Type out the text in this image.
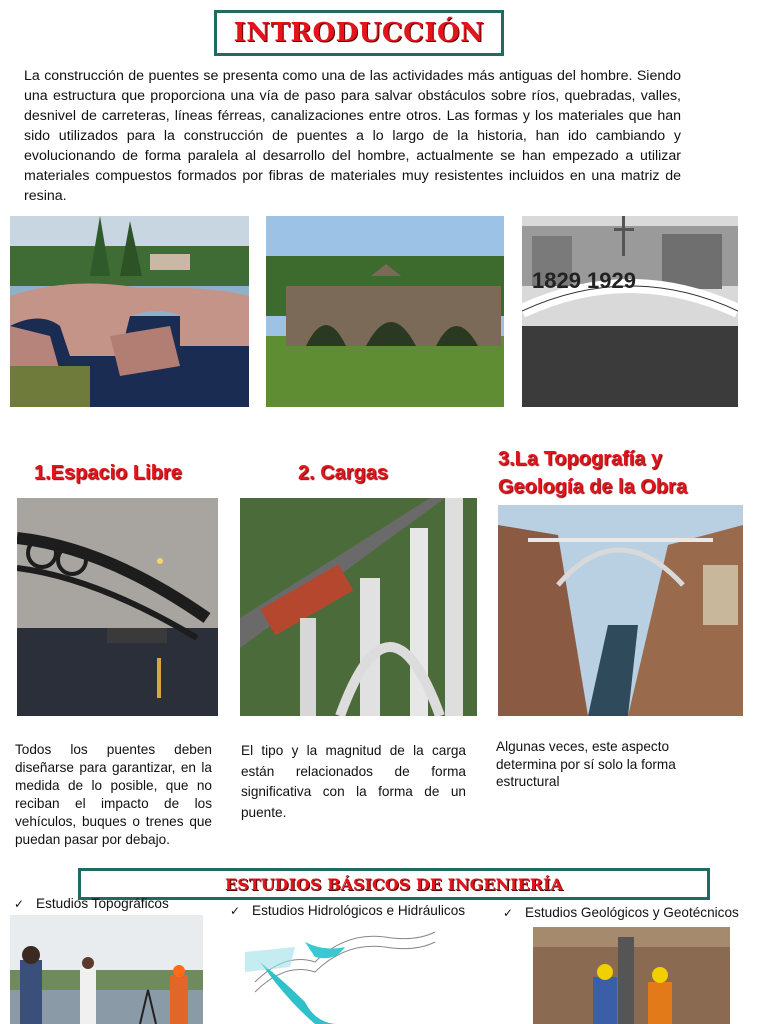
INTRODUCCIÓN
La construcción de puentes se presenta como una de las actividades más antiguas del hombre. Siendo una estructura que proporciona una vía de paso para salvar obstáculos sobre ríos, quebradas, valles, desnivel de carreteras, líneas férreas, canalizaciones entre otros. Las formas y los materiales que han sido utilizados para la construcción de puentes a lo largo de la historia, han ido cambiando y evolucionando de forma paralela al desarrollo del hombre, actualmente se han empezado a utilizar materiales compuestos formados por fibras de materiales muy resistentes incluidos en una matriz de resina.
1829 1929
1.Espacio Libre	2. Cargas
3.La Topografía y
Geología de la Obra
Todos los puentes deben diseñarse para garantizar, en la medida de lo posible, que no reciban el impacto de los vehículos, buques o trenes que puedan pasar por debajo.
El tipo y la magnitud de la carga están relacionados de forma significativa con la forma de un puente.
Algunas veces, este aspecto determina por sí solo la forma estructural
ESTUDIOS BÁSICOS DE INGENIERÍA
✓ Estudios Topográficos	✓ Estudios Hidrológicos e Hidráulicos	✓ Estudios Geológicos y Geotécnicos
